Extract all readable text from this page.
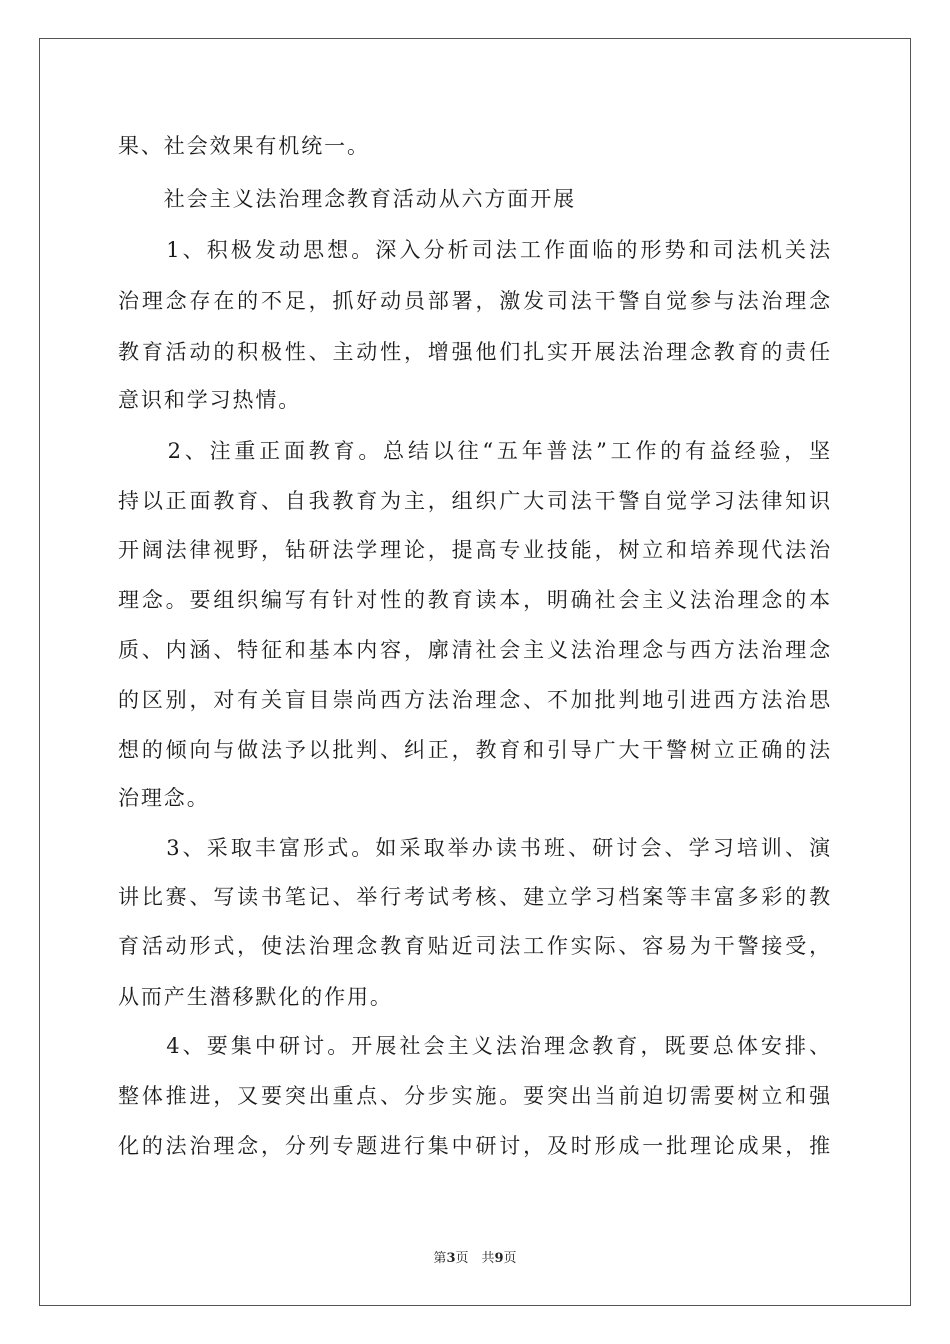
果、社会效果有机统一。
　　社会主义法治理念教育活动从六方面开展
　　1、积极发动思想。深入分析司法工作面临的形势和司法机关法
治理念存在的不足，抓好动员部署，激发司法干警自觉参与法治理念
教育活动的积极性、主动性，增强他们扎实开展法治理念教育的责任
意识和学习热情。
　　2、注重正面教育。总结以往“五年普法”工作的有益经验，坚
持以正面教育、自我教育为主，组织广大司法干警自觉学习法律知识
开阔法律视野，钻研法学理论，提高专业技能，树立和培养现代法治
理念。要组织编写有针对性的教育读本，明确社会主义法治理念的本
质、内涵、特征和基本内容，廓清社会主义法治理念与西方法治理念
的区别，对有关盲目崇尚西方法治理念、不加批判地引进西方法治思
想的倾向与做法予以批判、纠正，教育和引导广大干警树立正确的法
治理念。
　　3、采取丰富形式。如采取举办读书班、研讨会、学习培训、演
讲比赛、写读书笔记、举行考试考核、建立学习档案等丰富多彩的教
育活动形式，使法治理念教育贴近司法工作实际、容易为干警接受，
从而产生潜移默化的作用。
　　4、要集中研讨。开展社会主义法治理念教育，既要总体安排、
整体推进，又要突出重点、分步实施。要突出当前迫切需要树立和强
化的法治理念，分列专题进行集中研讨，及时形成一批理论成果，推
第3页　共9页
